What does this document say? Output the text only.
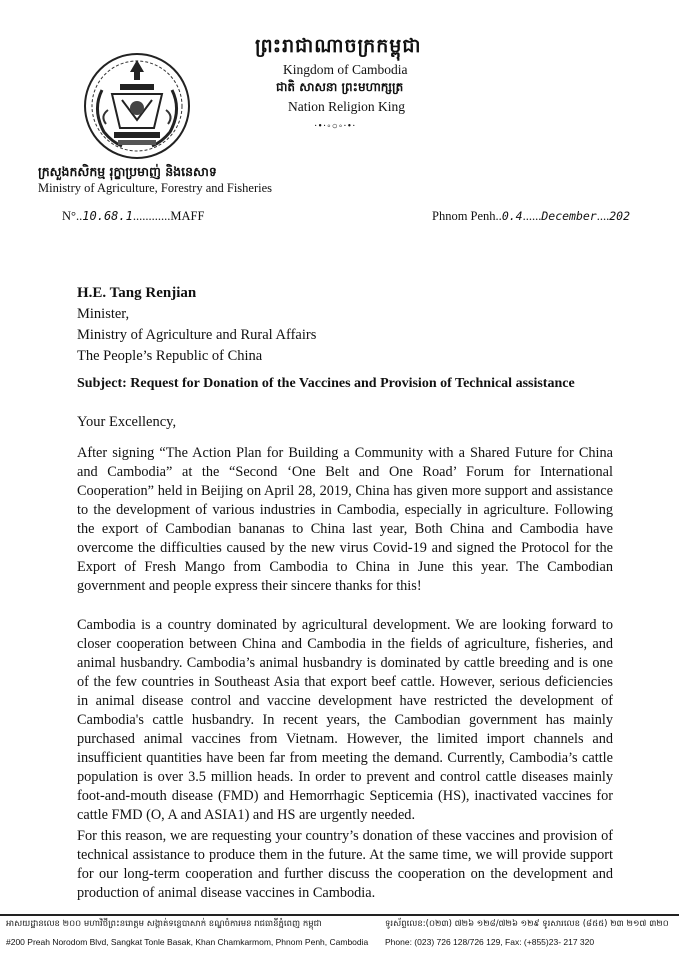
ព្រះរាជាណាចក្រកម្ពុជា
Kingdom of Cambodia
ជាតិ សាសនា ព្រះមហាក្សត្រ
Nation Religion King
·•·◦○◦·•·
ក្រសួងកសិកម្ម រុក្ខាប្រមាញ់ និងនេសាទ
Ministry of Agriculture, Forestry and Fisheries
N°..10.68.1............MAFF	Phnom Penh..0.4......December....202
H.E. Tang Renjian
Minister,
Ministry of Agriculture and Rural Affairs
The People’s Republic of China
Subject: Request for Donation of the Vaccines and Provision of Technical assistance
Your Excellency,

After signing “The Action Plan for Building a Community with a Shared Future for China and Cambodia” at the “Second ‘One Belt and One Road’ Forum for International Cooperation” held in Beijing on April 28, 2019, China has given more support and assistance to the development of various industries in Cambodia, especially in agriculture. Following the export of Cambodian bananas to China last year, Both China and Cambodia have overcome the difficulties caused by the new virus Covid-19 and signed the Protocol for the Export of Fresh Mango from Cambodia to China in June this year. The Cambodian government and people express their sincere thanks for this!

Cambodia is a country dominated by agricultural development. We are looking forward to closer cooperation between China and Cambodia in the fields of agriculture, fisheries, and animal husbandry. Cambodia’s animal husbandry is dominated by cattle breeding and is one of the few countries in Southeast Asia that export beef cattle. However, serious deficiencies in animal disease control and vaccine development have restricted the development of Cambodia's cattle husbandry. In recent years, the Cambodian government has mainly purchased animal vaccines from Vietnam. However, the limited import channels and insufficient quantities have been far from meeting the demand. Currently, Cambodia’s cattle population is over 3.5 million heads. In order to prevent and control cattle diseases mainly foot-and-mouth disease (FMD) and Hemorrhagic Septicemia (HS), inactivated vaccines for cattle FMD (O, A and ASIA1) and HS are urgently needed.

For this reason, we are requesting your country’s donation of these vaccines and provision of technical assistance to produce them in the future. At the same time, we will provide support for our long-term cooperation and further discuss the cooperation on the development and production of animal disease vaccines in Cambodia.

អាសយដ្ឋានលេខ ២០០ មហាវិថីព្រះនរោត្តម សង្កាត់ទន្លេបាសាក់ ខណ្ឌចំការមន រាជធានីភ្នំពេញ កម្ពុជា
#200 Preah Norodom Blvd, Sangkat Tonle Basak, Khan Chamkarmom, Phnom Penh, Cambodia
ទូរស័ព្ទលេខ:(០២៣) ៧២៦ ១២៨/៧២៦ ១២៩ ទូរសារលេខ (៨៥៥) ២៣ ២១៧ ៣២០
Phone: (023) 726 128/726 129, Fax: (+855)23- 217 320
